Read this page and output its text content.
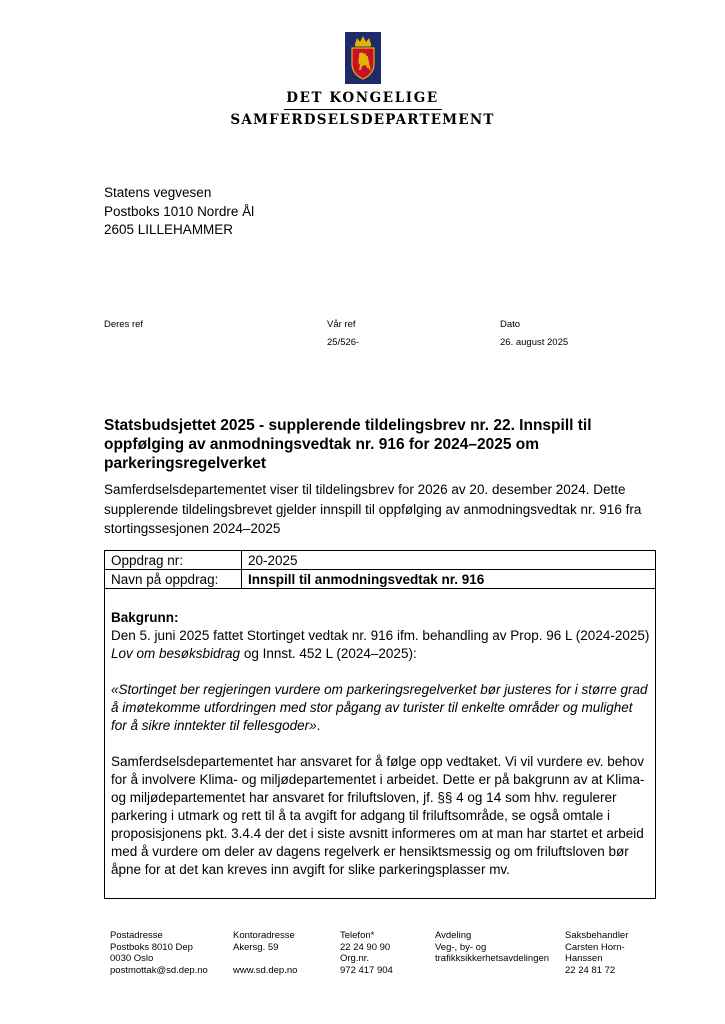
DET KONGELIGE
SAMFERDSELSDEPARTEMENT
Statens vegvesen
Postboks 1010 Nordre Ål
2605 LILLEHAMMER
Deres ref	Vår ref
25/526-
Dato
26. august 2025
Statsbudsjettet 2025 - supplerende tildelingsbrev nr. 22. Innspill til oppfølging av anmodningsvedtak nr. 916 for 2024–2025 om parkeringsregelverket
Samferdselsdepartementet viser til tildelingsbrev for 2026 av 20. desember 2024. Dette supplerende tildelingsbrevet gjelder innspill til oppfølging av anmodningsvedtak nr. 916 fra stortingssesjonen 2024–2025
Oppdrag nr:	20-2025
Navn på oppdrag: Innspill til anmodningsvedtak nr. 916

Bakgrunn:

Den 5. juni 2025 fattet Stortinget vedtak nr. 916 ifm. behandling av Prop. 96 L (2024-2025) Lov om besøksbidrag og Innst. 452 L (2024–2025):

«Stortinget ber regjeringen vurdere om parkeringsregelverket bør justeres for i større grad å imøtekomme utfordringen med stor pågang av turister til enkelte områder og mulighet for å sikre inntekter til fellesgoder».

Samferdselsdepartementet har ansvaret for å følge opp vedtaket. Vi vil vurdere ev. behov for å involvere Klima- og miljødepartementet i arbeidet. Dette er på bakgrunn av at Klima- og miljødepartementet har ansvaret for friluftsloven, jf. §§ 4 og 14 som hhv. regulerer parkering i utmark og rett til å ta avgift for adgang til friluftsområde, se også omtale i proposisjonens pkt. 3.4.4 der det i siste avsnitt informeres om at man har startet et arbeid med å vurdere om deler av dagens regelverk er hensiktsmessig og om friluftsloven bør åpne for at det kan kreves inn avgift for slike parkeringsplasser mv.

Postadresse
Postboks 8010 Dep
0030 Oslo
postmottak@sd.dep.no
Kontoradresse
Akersg. 59
www.sd.dep.no
Telefon*
22 24 90 90
Org.nr.
972 417 904
Avdeling
Veg-, by- og
trafikksikkerhetsavdelingen
Saksbehandler
Carsten Horn-
Hanssen
22 24 81 72
